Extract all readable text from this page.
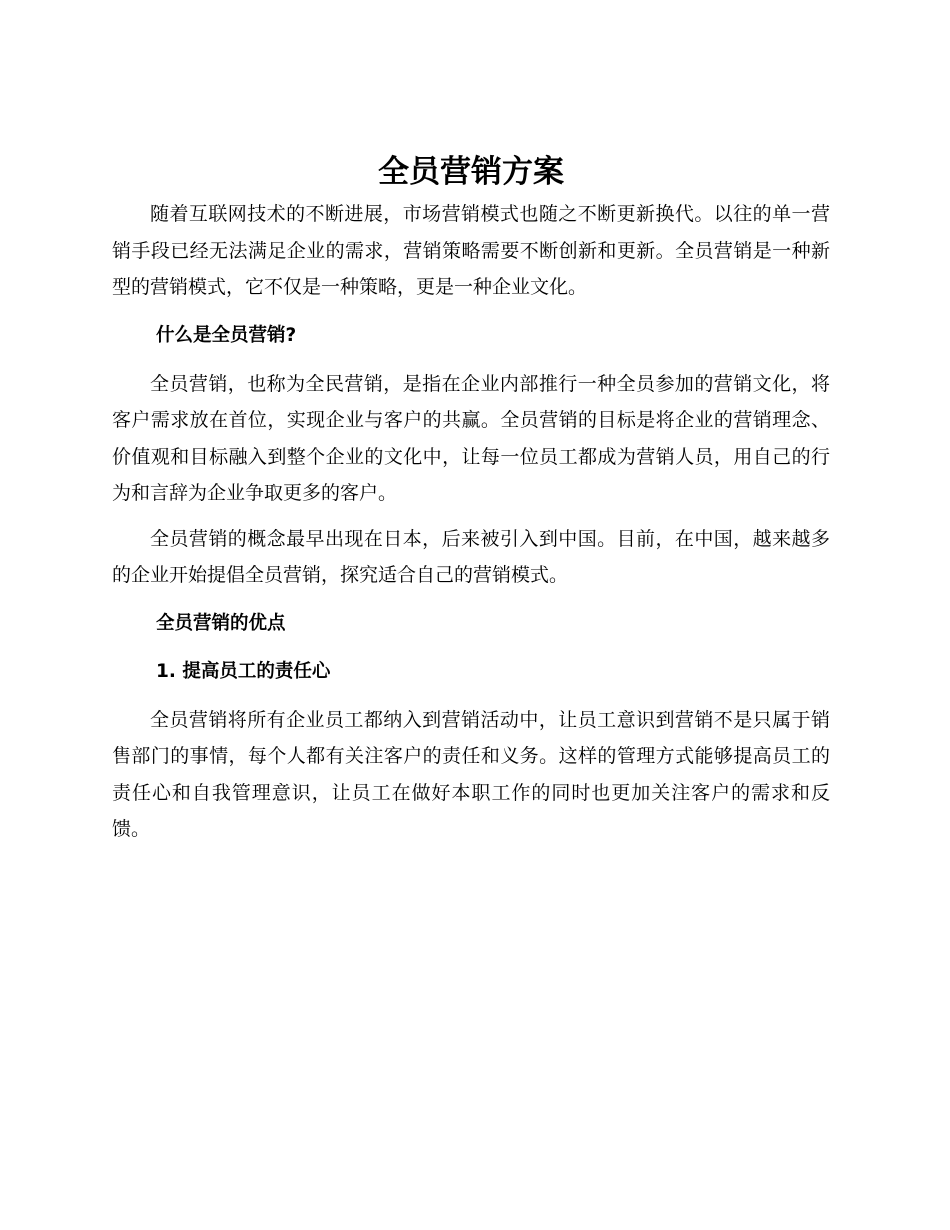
全员营销方案

随着互联网技术的不断进展，市场营销模式也随之不断更新换代。以往的单一营销手段已经无法满足企业的需求，营销策略需要不断创新和更新。全员营销是一种新型的营销模式，它不仅是一种策略，更是一种企业文化。

什么是全员营销?

全员营销，也称为全民营销，是指在企业内部推行一种全员参加的营销文化，将客户需求放在首位，实现企业与客户的共赢。全员营销的目标是将企业的营销理念、价值观和目标融入到整个企业的文化中，让每一位员工都成为营销人员，用自己的行为和言辞为企业争取更多的客户。

全员营销的概念最早出现在日本，后来被引入到中国。目前，在中国，越来越多的企业开始提倡全员营销，探究适合自己的营销模式。

全员营销的优点
1. 提高员工的责任心

全员营销将所有企业员工都纳入到营销活动中，让员工意识到营销不是只属于销售部门的事情，每个人都有关注客户的责任和义务。这样的管理方式能够提高员工的责任心和自我管理意识，让员工在做好本职工作的同时也更加关注客户的需求和反馈。
